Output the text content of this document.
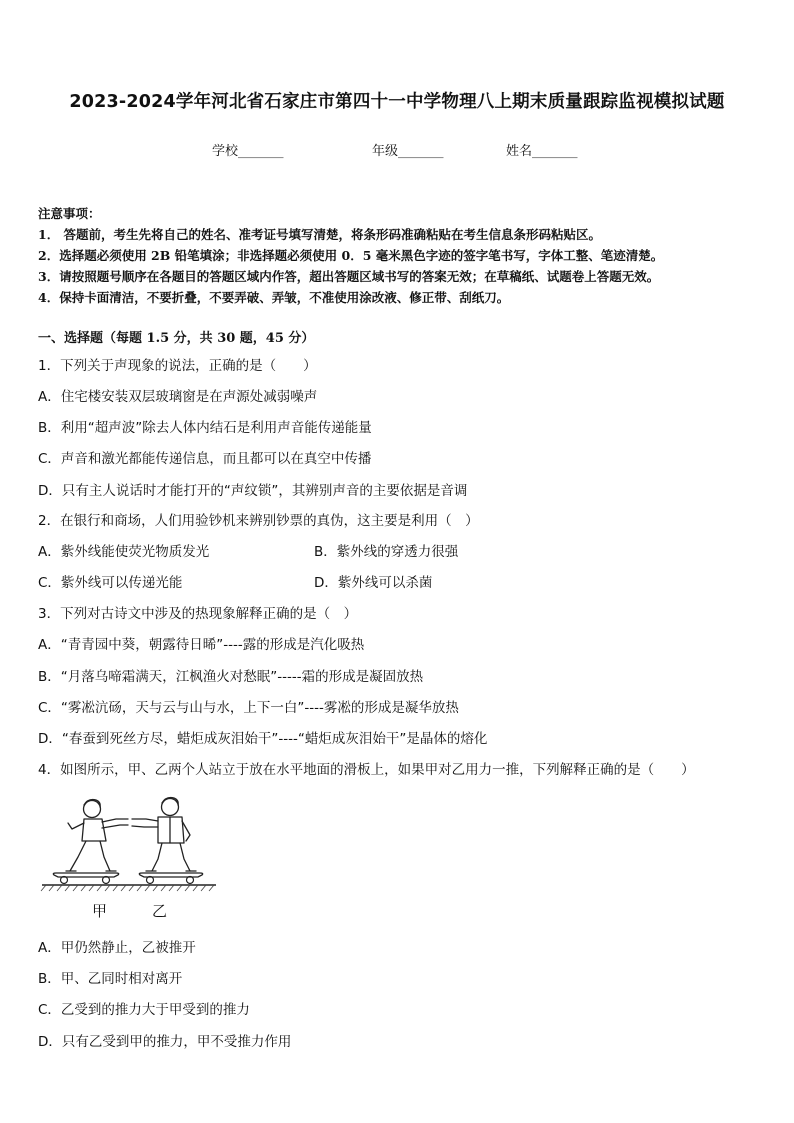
2023-2024学年河北省石家庄市第四十一中学物理八上期末质量跟踪监视模拟试题
学校_______	年级_______	姓名_______
注意事项：
1． 答题前，考生先将自己的姓名、准考证号填写清楚，将条形码准确粘贴在考生信息条形码粘贴区。
2．选择题必须使用 2B 铅笔填涂；非选择题必须使用 0．5 毫米黑色字迹的签字笔书写，字体工整、笔迹清楚。
3．请按照题号顺序在各题目的答题区域内作答，超出答题区域书写的答案无效；在草稿纸、试题卷上答题无效。
4．保持卡面清洁，不要折叠，不要弄破、弄皱，不准使用涂改液、修正带、刮纸刀。
一、选择题（每题 1.5 分，共 30 题，45 分）
1．下列关于声现象的说法，正确的是（　　）
A．住宅楼安装双层玻璃窗是在声源处减弱噪声
B．利用“超声波”除去人体内结石是利用声音能传递能量
C．声音和激光都能传递信息，而且都可以在真空中传播
D．只有主人说话时才能打开的“声纹锁”，其辨别声音的主要依据是音调
2．在银行和商场，人们用验钞机来辨别钞票的真伪，这主要是利用（　）
A．紫外线能使荧光物质发光	B．紫外线的穿透力很强
C．紫外线可以传递光能	D．紫外线可以杀菌
3．下列对古诗文中涉及的热现象解释正确的是（　）
A．“青青园中葵，朝露待日晞”----露的形成是汽化吸热
B．“月落乌啼霜满天，江枫渔火对愁眠”-----霜的形成是凝固放热
C．“雾凇沆砀，天与云与山与水，上下一白”----雾凇的形成是凝华放热
D．“春蚕到死丝方尽，蜡炬成灰泪始干”----“蜡炬成灰泪始干”是晶体的熔化
4．如图所示，甲、乙两个人站立于放在水平地面的滑板上，如果甲对乙用力一推，下列解释正确的是（　　）
甲	乙
A．甲仍然静止，乙被推开
B．甲、乙同时相对离开
C．乙受到的推力大于甲受到的推力
D．只有乙受到甲的推力，甲不受推力作用
